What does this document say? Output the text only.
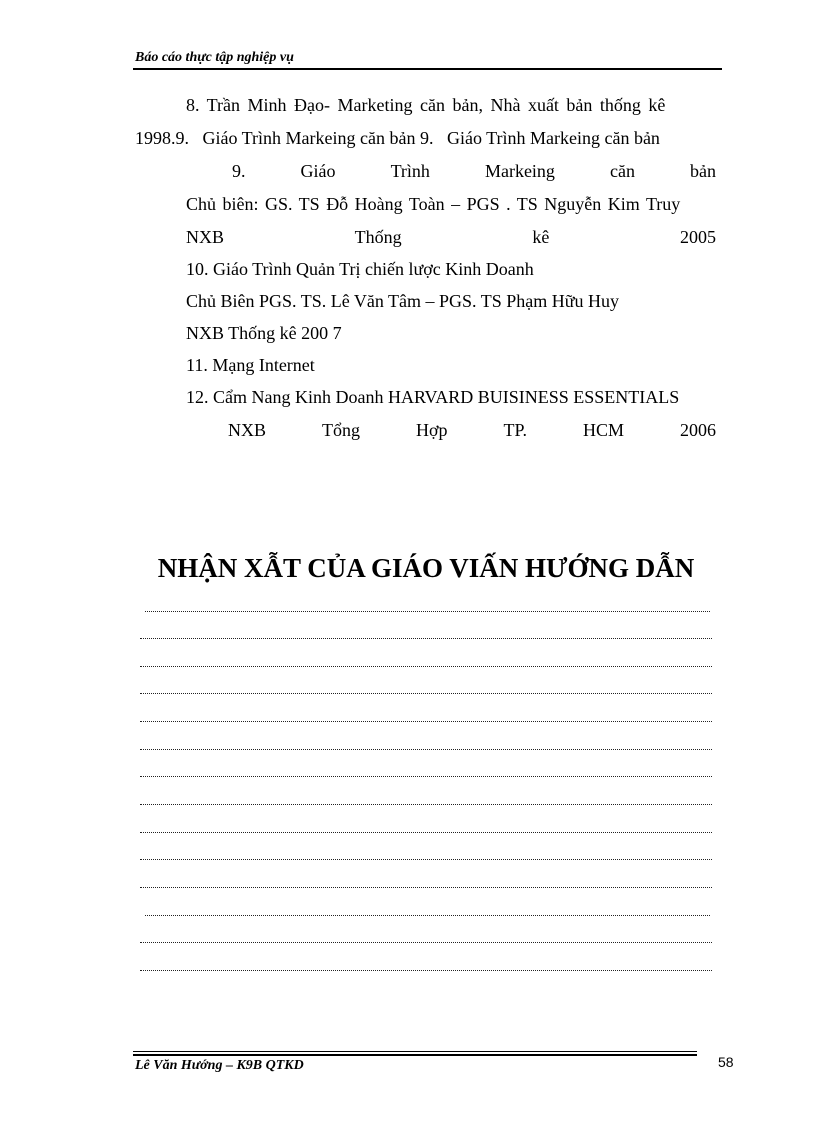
Báo cáo thực tập nghiệp vụ
8. Trần Minh Đạo- Marketing căn bản, Nhà xuất bản thống kê
1998.9.   Giáo Trình Markeing căn bản 9.   Giáo Trình Markeing căn bản
9.	Giáo	Trình	Markeing	căn	bản
Chủ biên: GS. TS Đỗ Hoàng Toàn – PGS . TS Nguyễn Kim Truy
NXB	Thống	kê	2005
10. Giáo Trình Quản Trị chiến lược Kinh Doanh
Chủ Biên PGS. TS. Lê Văn Tâm – PGS. TS Phạm Hữu Huy
NXB Thống kê 200 7
11. Mạng Internet
12. Cẩm Nang Kinh Doanh HARVARD BUISINESS ESSENTIALS
NXB	Tổng	Hợp	TP.	HCM	2006
NHẬN XẪT CỦA GIÁO VIẤN HƯỚNG DẪN
Lê Văn Hướng – K9B QTKD	58
